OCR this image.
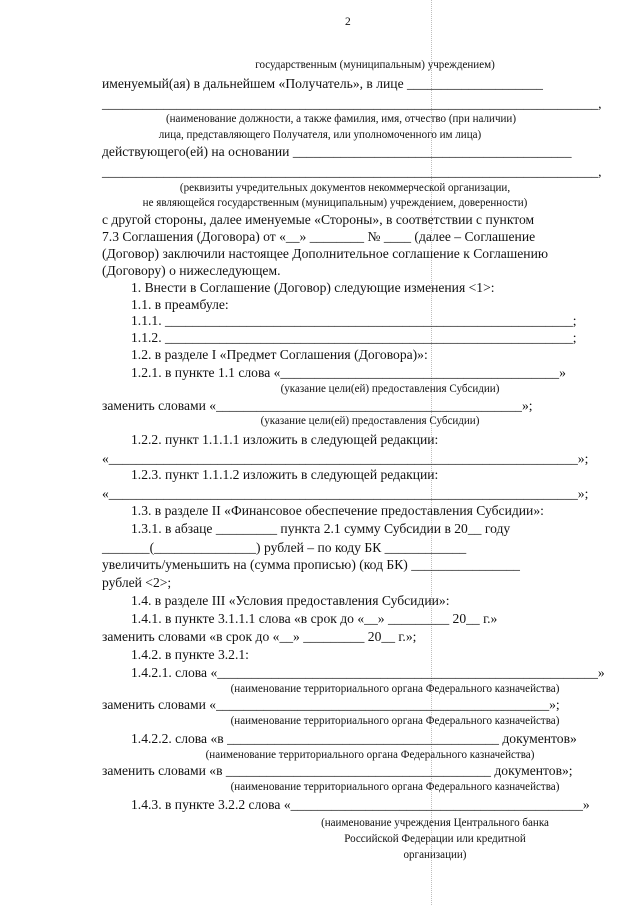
2
государственным (муниципальным) учреждением)
именуемый(ая) в дальнейшем «Получатель», в лице ____________________
_________________________________________________________________________,
(наименование должности, а также фамилия, имя, отчество (при наличии)
лица, представляющего Получателя, или уполномоченного им лица)
действующего(ей) на основании _________________________________________
_________________________________________________________________________,
(реквизиты учредительных документов некоммерческой организации,
не являющейся государственным (муниципальным) учреждением, доверенности)
с другой стороны, далее именуемые «Стороны», в соответствии с пунктом
7.3 Соглашения (Договора) от «__» ________ № ____ (далее – Соглашение
(Договор) заключили настоящее Дополнительное соглашение к Соглашению
(Договору) о нижеследующем.
1. Внести в Соглашение (Договор) следующие изменения <1>:
1.1. в преамбуле:
1.1.1. ____________________________________________________________;
1.1.2. ____________________________________________________________;
1.2. в разделе I «Предмет Соглашения (Договора)»:
1.2.1. в пункте 1.1 слова «_________________________________________»
(указание цели(ей) предоставления Субсидии)
заменить словами «_____________________________________________»;
(указание цели(ей) предоставления Субсидии)
1.2.2. пункт 1.1.1.1 изложить в следующей редакции:
«_____________________________________________________________________»;
1.2.3. пункт 1.1.1.2 изложить в следующей редакции:
«_____________________________________________________________________»;
1.3. в разделе II «Финансовое обеспечение предоставления Субсидии»:
1.3.1. в абзаце _________ пункта 2.1 сумму Субсидии в 20__ году
_______(_______________) рублей – по коду БК ____________
увеличить/уменьшить на (сумма прописью) (код БК) ________________
рублей <2>;
1.4. в разделе III «Условия предоставления Субсидии»:
1.4.1. в пункте 3.1.1.1 слова «в срок до «__» _________ 20__ г.»
заменить словами «в срок до «__» _________ 20__ г.»;
1.4.2. в пункте 3.2.1:
1.4.2.1. слова «________________________________________________________»
(наименование территориального органа Федерального казначейства)
заменить словами «_________________________________________________»;
(наименование территориального органа Федерального казначейства)
1.4.2.2. слова «в ________________________________________ документов»
(наименование территориального органа Федерального казначейства)
заменить словами «в _______________________________________ документов»;
(наименование территориального органа Федерального казначейства)
1.4.3. в пункте 3.2.2 слова «___________________________________________»
(наименование учреждения Центрального банка
Российской Федерации или кредитной
организации)
